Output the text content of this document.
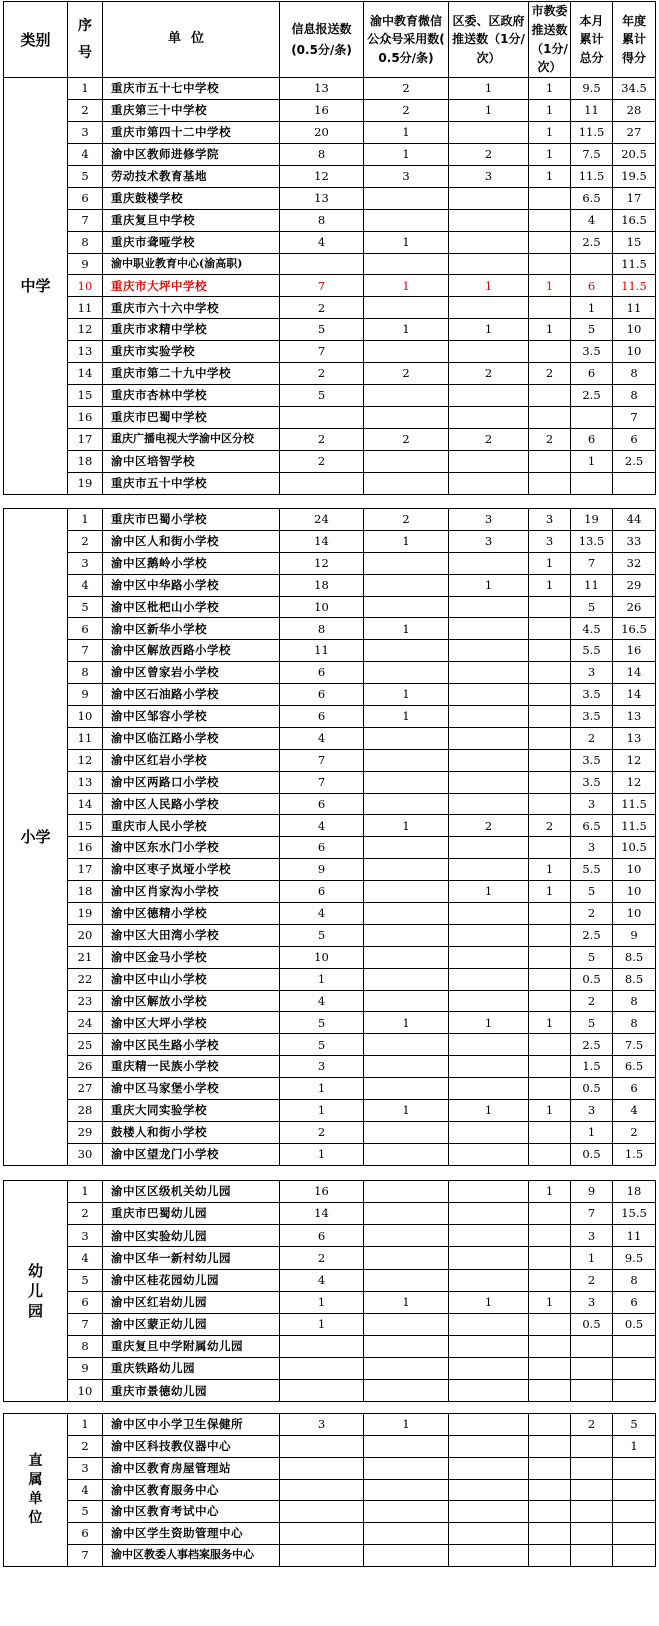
类别	序号	单位	信息报送数(0.5分/条)	渝中教育微信公众号采用数( 0.5分/条)	区委、区政府推送数（1分/次）	市教委推送数（1分/次）	本月累计总分	年度累计得分

中学	1	重庆市五十七中学校	13	2	1	1	9.5	34.5
	2	重庆第三十中学校	16	2	1	1	11	28
	3	重庆市第四十二中学校	20	1		1	11.5	27
	4	渝中区教师进修学院	8	1	2	1	7.5	20.5
	5	劳动技术教育基地	12	3	3	1	11.5	19.5
	6	重庆鼓楼学校	13				6.5	17
	7	重庆复旦中学校	8				4	16.5
	8	重庆市聋哑学校	4	1			2.5	15
	9	渝中职业教育中心(渝高职)						11.5
	10	重庆市大坪中学校	7	1	1	1	6	11.5
	11	重庆市六十六中学校	2				1	11
	12	重庆市求精中学校	5	1	1	1	5	10
	13	重庆市实验学校	7				3.5	10
	14	重庆市第二十九中学校	2	2	2	2	6	8
	15	重庆市杏林中学校	5				2.5	8
	16	重庆市巴蜀中学校						7
	17	重庆广播电视大学渝中区分校	2	2	2	2	6	6
	18	渝中区培智学校	2				1	2.5
	19	重庆市五十中学校						
小学	1	重庆市巴蜀小学校	24	2	3	3	19	44
	2	渝中区人和街小学校	14	1	3	3	13.5	33
	3	渝中区鹅岭小学校	12			1	7	32
	4	渝中区中华路小学校	18		1	1	11	29
	5	渝中区枇杷山小学校	10				5	26
	6	渝中区新华小学校	8	1			4.5	16.5
	7	渝中区解放西路小学校	11				5.5	16
	8	渝中区曾家岩小学校	6				3	14
	9	渝中区石油路小学校	6	1			3.5	14
	10	渝中区邹容小学校	6	1			3.5	13
	11	渝中区临江路小学校	4				2	13
	12	渝中区红岩小学校	7				3.5	12
	13	渝中区两路口小学校	7				3.5	12
	14	渝中区人民路小学校	6				3	11.5
	15	重庆市人民小学校	4	1	2	2	6.5	11.5
	16	渝中区东水门小学校	6				3	10.5
	17	渝中区枣子岚垭小学校	9			1	5.5	10
	18	渝中区肖家沟小学校	6		1	1	5	10
	19	渝中区德精小学校	4				2	10
	20	渝中区大田湾小学校	5				2.5	9
	21	渝中区金马小学校	10				5	8.5
	22	渝中区中山小学校	1				0.5	8.5
	23	渝中区解放小学校	4				2	8
	24	渝中区大坪小学校	5	1	1	1	5	8
	25	渝中区民生路小学校	5				2.5	7.5
	26	重庆精一民族小学校	3				1.5	6.5
	27	渝中区马家堡小学校	1				0.5	6
	28	重庆大同实验学校	1	1	1	1	3	4
	29	鼓楼人和街小学校	2				1	2
	30	渝中区望龙门小学校	1				0.5	1.5
幼儿园	1	渝中区区级机关幼儿园	16			1	9	18
	2	重庆市巴蜀幼儿园	14				7	15.5
	3	渝中区实验幼儿园	6				3	11
	4	渝中区华一新村幼儿园	2				1	9.5
	5	渝中区桂花园幼儿园	4				2	8
	6	渝中区红岩幼儿园	1	1	1	1	3	6
	7	渝中区蒙正幼儿园	1				0.5	0.5
	8	重庆复旦中学附属幼儿园						
	9	重庆铁路幼儿园						
	10	重庆市景德幼儿园						
直属单位	1	渝中区中小学卫生保健所	3	1			2	5
	2	渝中区科技教仪器中心						1
	3	渝中区教育房屋管理站						
	4	渝中区教育服务中心						
	5	渝中区教育考试中心						
	6	渝中区学生资助管理中心						
	7	渝中区教委人事档案服务中心						
